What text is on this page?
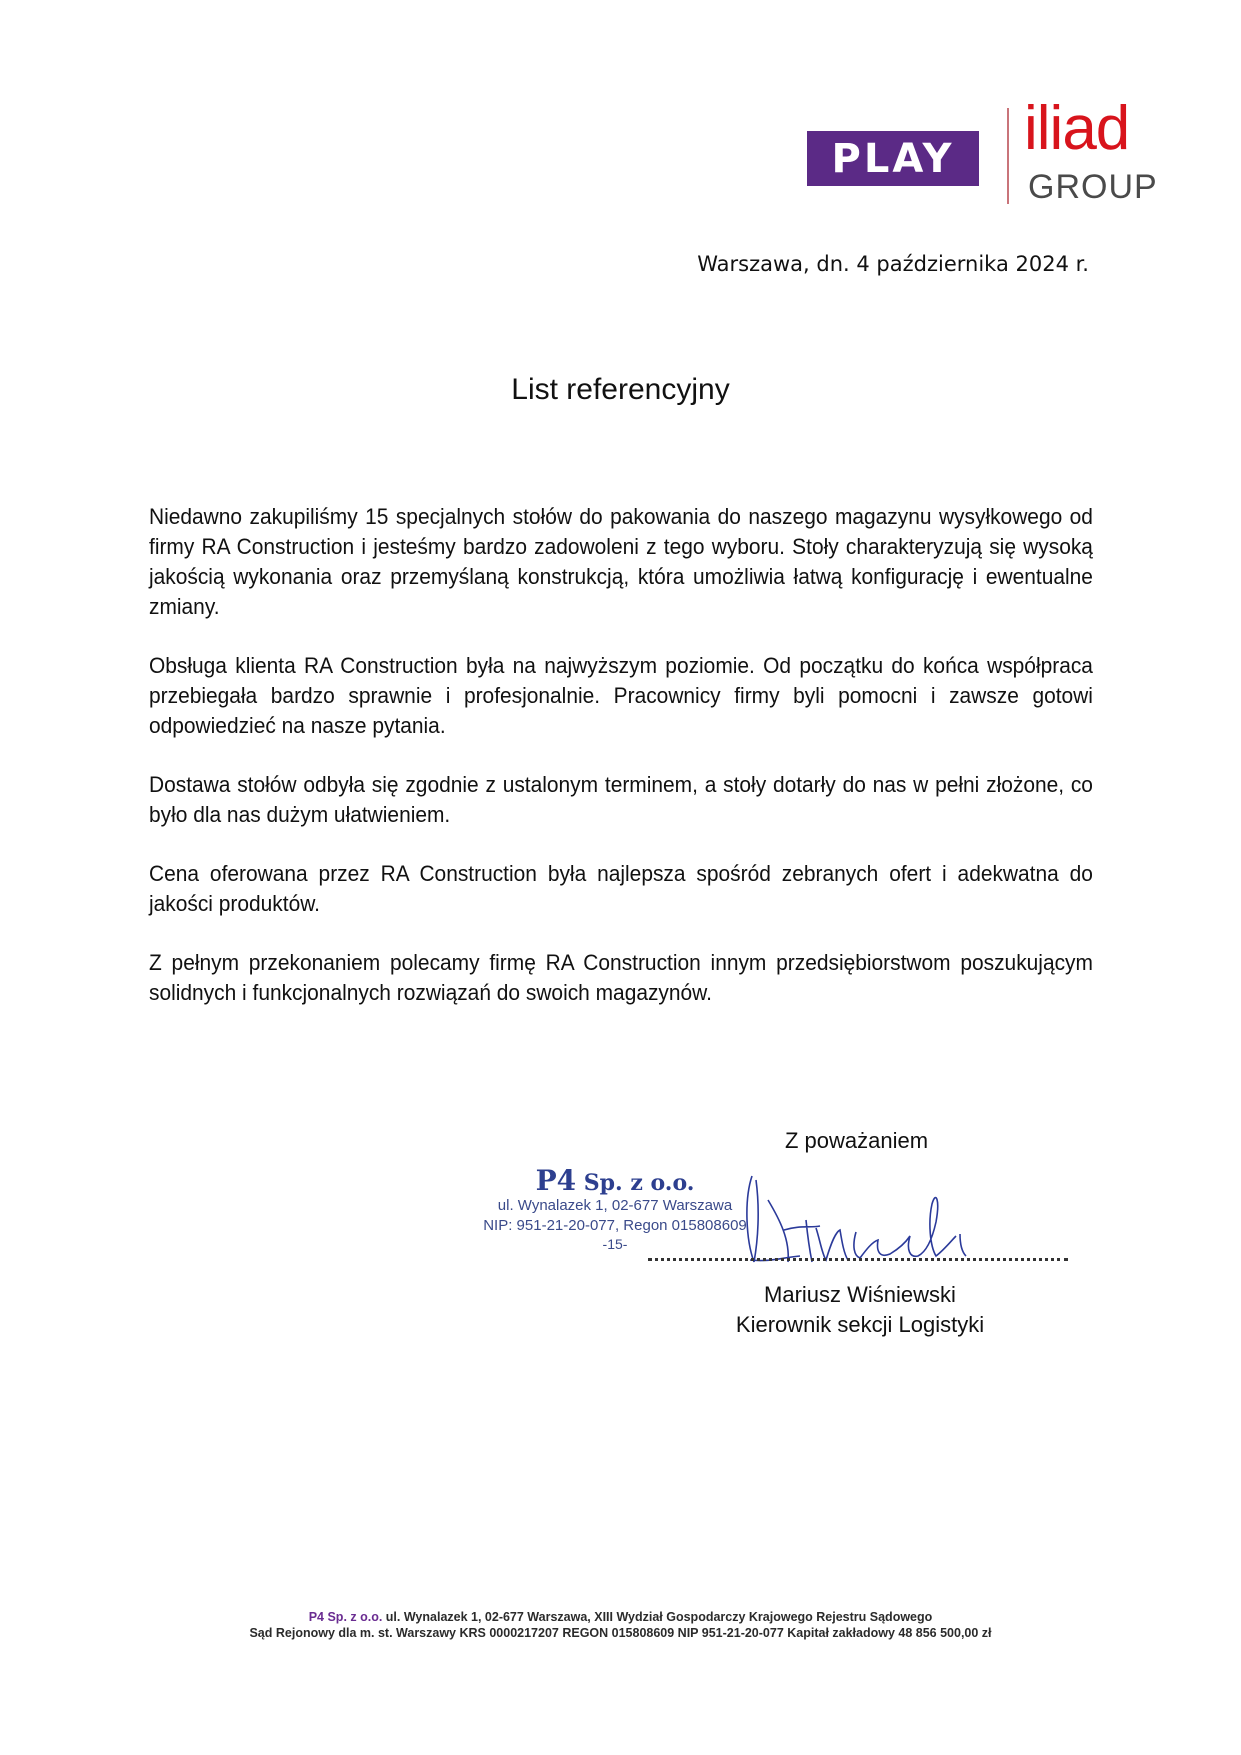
PLAY iliad
GROUP
Warszawa, dn. 4 października 2024 r.
List referencyjny

Niedawno zakupiliśmy 15 specjalnych stołów do pakowania do naszego magazynu wysyłkowego od firmy RA Construction i jesteśmy bardzo zadowoleni z tego wyboru. Stoły charakteryzują się wysoką jakością wykonania oraz przemyślaną konstrukcją, która umożliwia łatwą konfigurację i ewentualne zmiany.

Obsługa klienta RA Construction była na najwyższym poziomie. Od początku do końca współpraca przebiegała bardzo sprawnie i profesjonalnie. Pracownicy firmy byli pomocni i zawsze gotowi odpowiedzieć na nasze pytania.

Dostawa stołów odbyła się zgodnie z ustalonym terminem, a stoły dotarły do nas w pełni złożone, co było dla nas dużym ułatwieniem.

Cena oferowana przez RA Construction była najlepsza spośród zebranych ofert i adekwatna do jakości produktów.

Z pełnym przekonaniem polecamy firmę RA Construction innym przedsiębiorstwom poszukującym solidnych i funkcjonalnych rozwiązań do swoich magazynów.

Z poważaniem
P4 Sp. z o.o.
ul. Wynalazek 1, 02-677 Warszawa
NIP: 951-21-20-077, Regon 015808609
-15-
Mariusz Wiśniewski
Kierownik sekcji Logistyki
P4 Sp. z o.o. ul. Wynalazek 1, 02-677 Warszawa, XIII Wydział Gospodarczy Krajowego Rejestru Sądowego
Sąd Rejonowy dla m. st. Warszawy KRS 0000217207 REGON 015808609 NIP 951-21-20-077 Kapitał zakładowy 48 856 500,00 zł
